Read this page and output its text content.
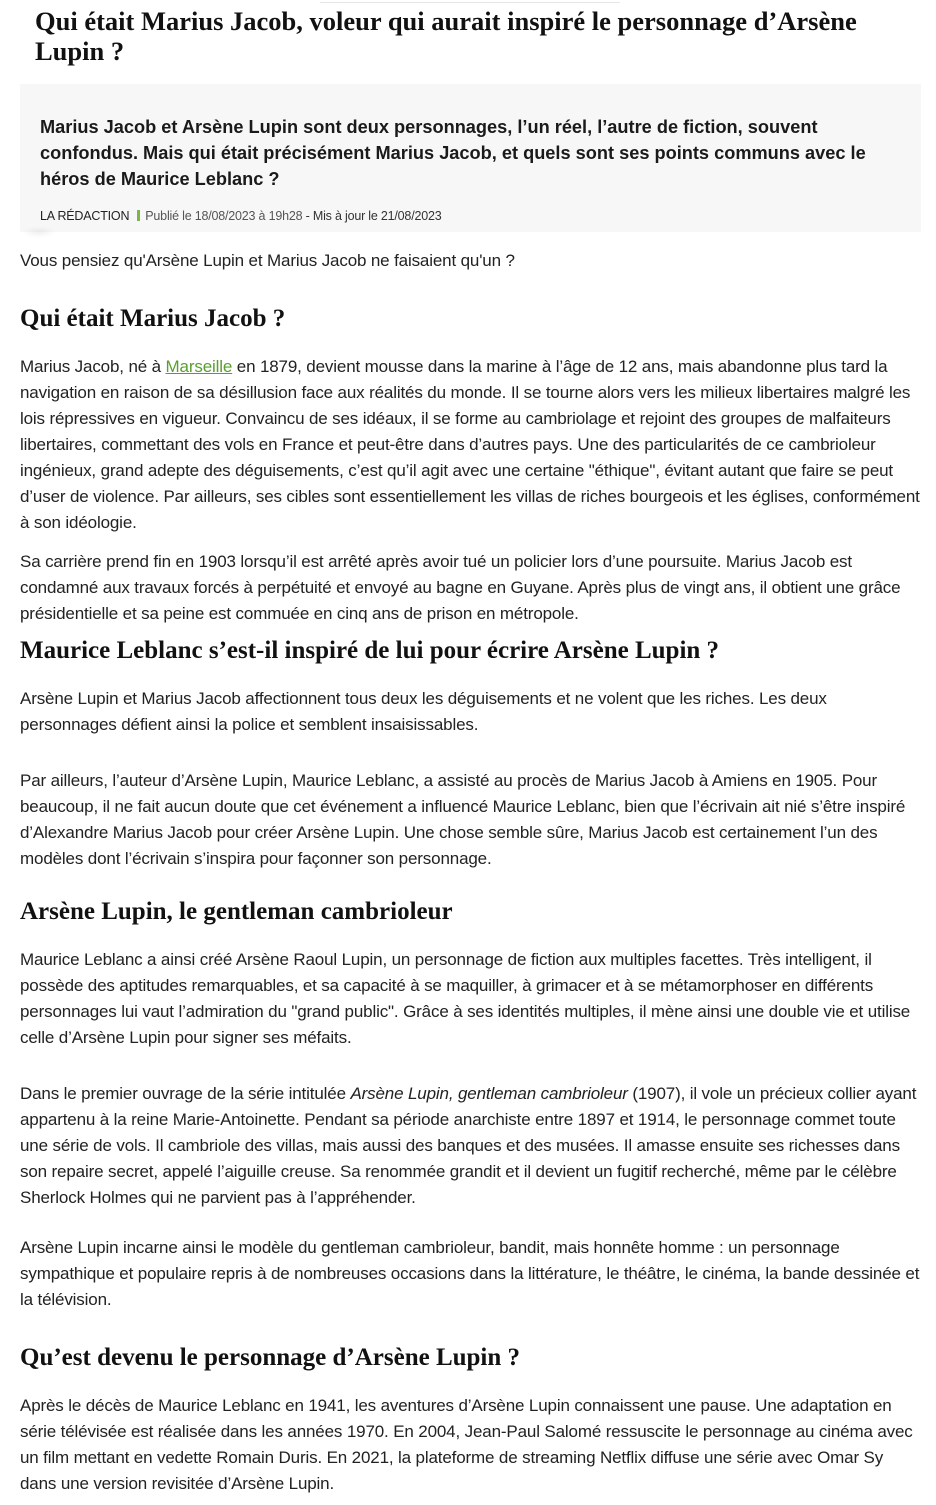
Qui était Marius Jacob, voleur qui aurait inspiré le personnage d’Arsène Lupin ?

Marius Jacob et Arsène Lupin sont deux personnages, l’un réel, l’autre de fiction, souvent confondus. Mais qui était précisément Marius Jacob, et quels sont ses points communs avec le héros de Maurice Leblanc ?

LA RÉDACTION Publié le 18/08/2023 à 19h28 - Mis à jour le 21/08/2023

Vous pensiez qu'Arsène Lupin et Marius Jacob ne faisaient qu'un ?

Qui était Marius Jacob ?

Marius Jacob, né à Marseille en 1879, devient mousse dans la marine à l’âge de 12 ans, mais abandonne plus tard la navigation en raison de sa désillusion face aux réalités du monde. Il se tourne alors vers les milieux libertaires malgré les lois répressives en vigueur. Convaincu de ses idéaux, il se forme au cambriolage et rejoint des groupes de malfaiteurs libertaires, commettant des vols en France et peut-être dans d’autres pays. Une des particularités de ce cambrioleur ingénieux, grand adepte des déguisements, c’est qu’il agit avec une certaine "éthique", évitant autant que faire se peut d’user de violence. Par ailleurs, ses cibles sont essentiellement les villas de riches bourgeois et les églises, conformément à son idéologie.

Sa carrière prend fin en 1903 lorsqu’il est arrêté après avoir tué un policier lors d’une poursuite. Marius Jacob est condamné aux travaux forcés à perpétuité et envoyé au bagne en Guyane. Après plus de vingt ans, il obtient une grâce présidentielle et sa peine est commuée en cinq ans de prison en métropole.

Maurice Leblanc s’est-il inspiré de lui pour écrire Arsène Lupin ?

Arsène Lupin et Marius Jacob affectionnent tous deux les déguisements et ne volent que les riches. Les deux personnages défient ainsi la police et semblent insaisissables.

Par ailleurs, l’auteur d’Arsène Lupin, Maurice Leblanc, a assisté au procès de Marius Jacob à Amiens en 1905. Pour beaucoup, il ne fait aucun doute que cet événement a influencé Maurice Leblanc, bien que l’écrivain ait nié s’être inspiré d’Alexandre Marius Jacob pour créer Arsène Lupin. Une chose semble sûre, Marius Jacob est certainement l’un des modèles dont l’écrivain s’inspira pour façonner son personnage.

Arsène Lupin, le gentleman cambrioleur

Maurice Leblanc a ainsi créé Arsène Raoul Lupin, un personnage de fiction aux multiples facettes. Très intelligent, il possède des aptitudes remarquables, et sa capacité à se maquiller, à grimacer et à se métamorphoser en différents personnages lui vaut l’admiration du "grand public". Grâce à ses identités multiples, il mène ainsi une double vie et utilise celle d’Arsène Lupin pour signer ses méfaits.

Dans le premier ouvrage de la série intitulée Arsène Lupin, gentleman cambrioleur (1907), il vole un précieux collier ayant appartenu à la reine Marie-Antoinette. Pendant sa période anarchiste entre 1897 et 1914, le personnage commet toute une série de vols. Il cambriole des villas, mais aussi des banques et des musées. Il amasse ensuite ses richesses dans son repaire secret, appelé l’aiguille creuse. Sa renommée grandit et il devient un fugitif recherché, même par le célèbre Sherlock Holmes qui ne parvient pas à l’appréhender.

Arsène Lupin incarne ainsi le modèle du gentleman cambrioleur, bandit, mais honnête homme : un personnage sympathique et populaire repris à de nombreuses occasions dans la littérature, le théâtre, le cinéma, la bande dessinée et la télévision.

Qu’est devenu le personnage d’Arsène Lupin ?

Après le décès de Maurice Leblanc en 1941, les aventures d’Arsène Lupin connaissent une pause. Une adaptation en série télévisée est réalisée dans les années 1970. En 2004, Jean-Paul Salomé ressuscite le personnage au cinéma avec un film mettant en vedette Romain Duris. En 2021, la plateforme de streaming Netflix diffuse une série avec Omar Sy dans une version revisitée d’Arsène Lupin.
